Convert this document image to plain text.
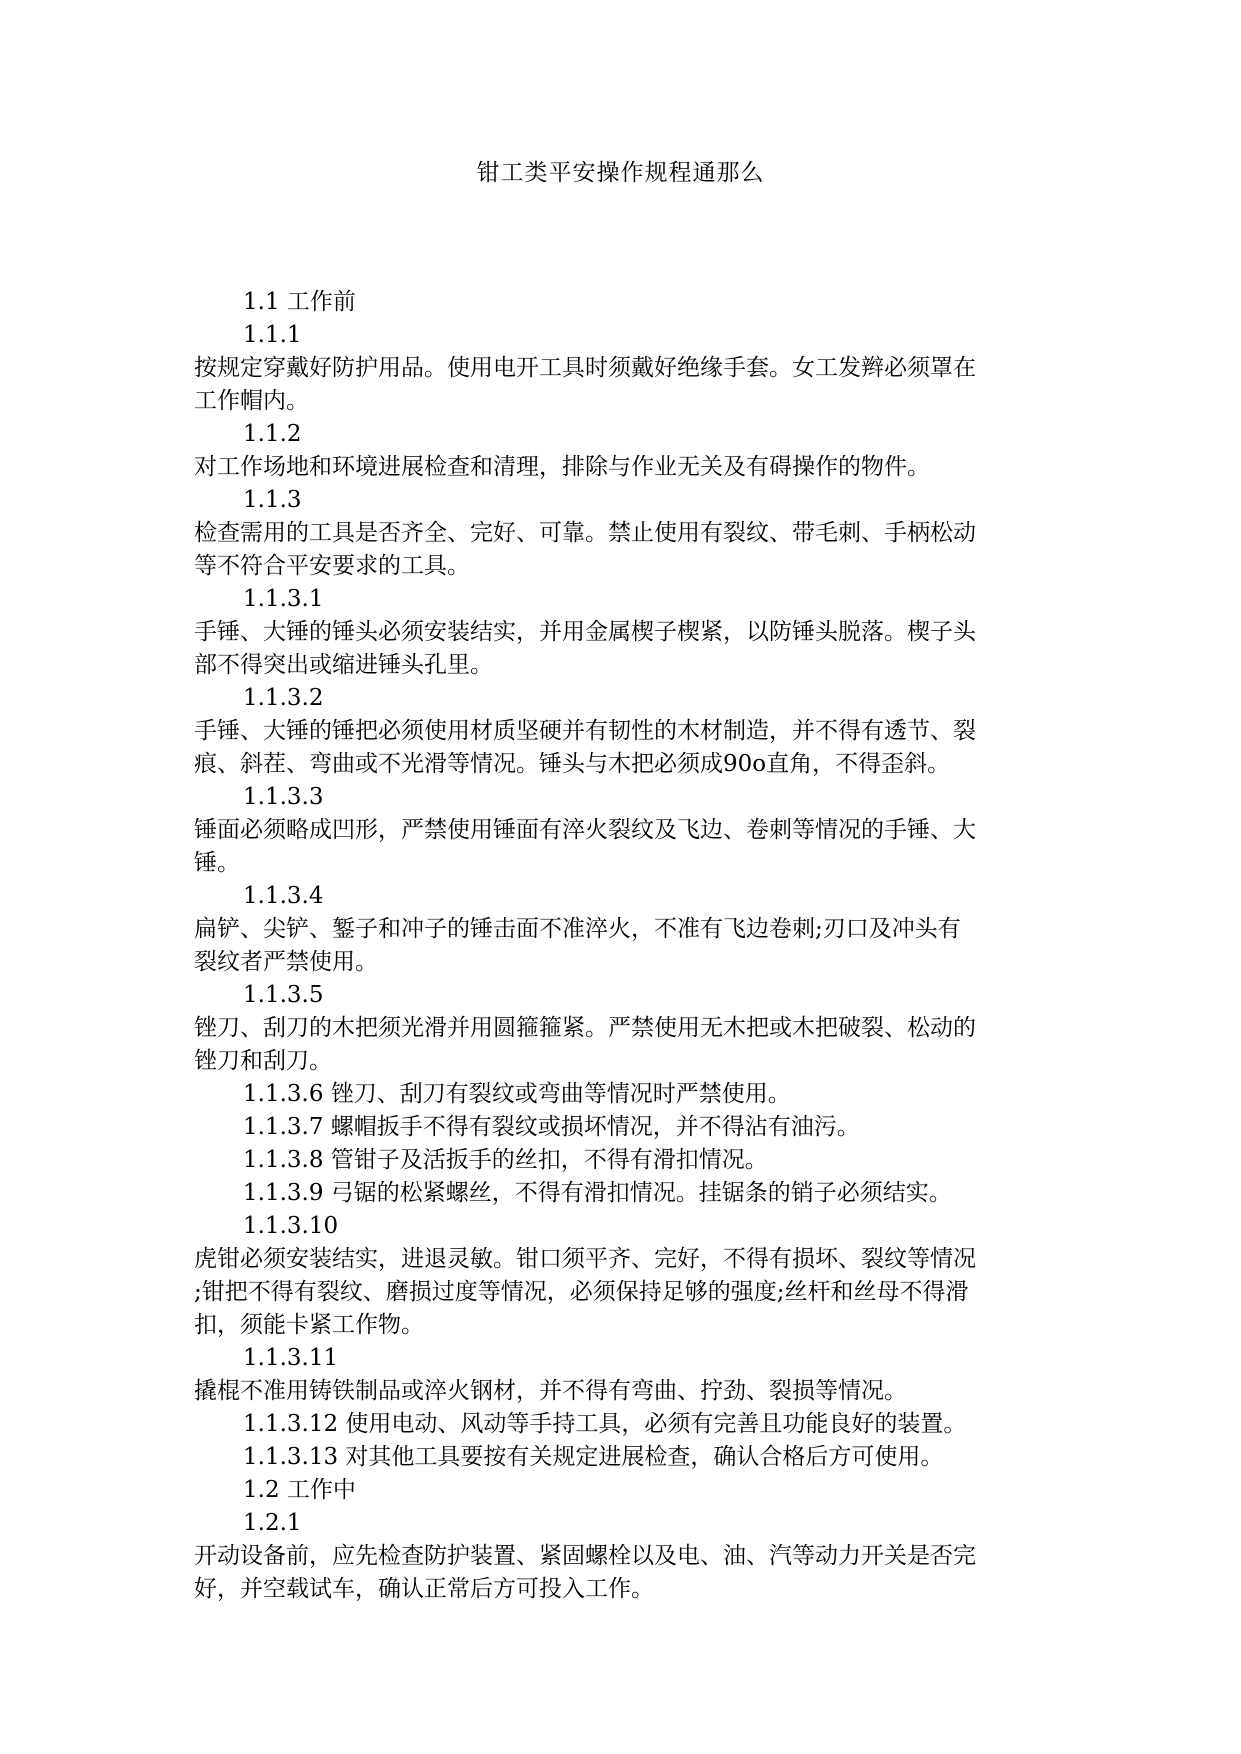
钳工类平安操作规程通那么
1.1 工作前
1.1.1
按规定穿戴好防护用品。使用电开工具时须戴好绝缘手套。女工发辫必须罩在
工作帽内。
1.1.2
对工作场地和环境进展检查和清理，排除与作业无关及有碍操作的物件。
1.1.3
检查需用的工具是否齐全、完好、可靠。禁止使用有裂纹、带毛刺、手柄松动
等不符合平安要求的工具。
1.1.3.1
手锤、大锤的锤头必须安装结实，并用金属楔子楔紧，以防锤头脱落。楔子头
部不得突出或缩进锤头孔里。
1.1.3.2
手锤、大锤的锤把必须使用材质坚硬并有韧性的木材制造，并不得有透节、裂
痕、斜茬、弯曲或不光滑等情况。锤头与木把必须成90o直角，不得歪斜。
1.1.3.3
锤面必须略成凹形，严禁使用锤面有淬火裂纹及飞边、卷刺等情况的手锤、大
锤。
1.1.3.4
扁铲、尖铲、錾子和冲子的锤击面不准淬火，不准有飞边卷刺;刃口及冲头有
裂纹者严禁使用。
1.1.3.5
锉刀、刮刀的木把须光滑并用圆箍箍紧。严禁使用无木把或木把破裂、松动的
锉刀和刮刀。
1.1.3.6 锉刀、刮刀有裂纹或弯曲等情况时严禁使用。
1.1.3.7 螺帽扳手不得有裂纹或损坏情况，并不得沾有油污。
1.1.3.8 管钳子及活扳手的丝扣，不得有滑扣情况。
1.1.3.9 弓锯的松紧螺丝，不得有滑扣情况。挂锯条的销子必须结实。
1.1.3.10
虎钳必须安装结实，进退灵敏。钳口须平齐、完好，不得有损坏、裂纹等情况
;钳把不得有裂纹、磨损过度等情况，必须保持足够的强度;丝杆和丝母不得滑
扣，须能卡紧工作物。
1.1.3.11
撬棍不准用铸铁制品或淬火钢材，并不得有弯曲、拧劲、裂损等情况。
1.1.3.12 使用电动、风动等手持工具，必须有完善且功能良好的装置。
1.1.3.13 对其他工具要按有关规定进展检查，确认合格后方可使用。
1.2 工作中
1.2.1
开动设备前，应先检查防护装置、紧固螺栓以及电、油、汽等动力开关是否完
好，并空载试车，确认正常后方可投入工作。
